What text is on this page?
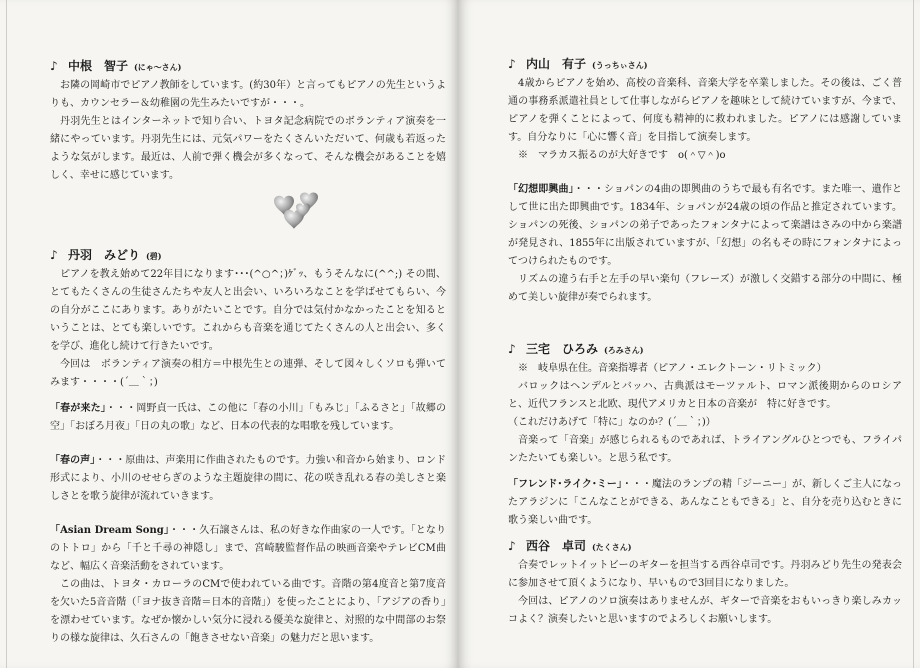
♪ 中根　智子 (にゃ～さん)

お隣の岡崎市でピアノ教師をしています。(約30年）と言ってもピアノの先生というよりも、カウンセラー＆幼稚園の先生みたいですが・・・。

丹羽先生とはインターネットで知り合い、トヨタ記念病院でのボランティア演奏を一緒にやっています。丹羽先生には、元気パワーをたくさんいただいて、何歳も若返ったような気がします。最近は、人前で弾く機会が多くなって、そんな機会があることを嬉しく、幸せに感じています。

♪ 丹羽　みどり (碧)

ピアノを教え始めて22年目になります･･･(^○^；)ｹﾞｯ、もうそんなに(^^;) その間、とてもたくさんの生徒さんたちや友人と出会い、いろいろなことを学ばせてもらい、今の自分がここにあります。ありがたいことです。自分では気付かなかったことを知るということは、とても楽しいです。これからも音楽を通じてたくさんの人と出会い、多くを学び、進化し続けて行きたいです。

今回は　ボランティア演奏の相方＝中根先生との連弾、そして図々しくソロも弾いてみます・・・・(´＿｀；)

「春が来た」・・・岡野貞一氏は、この他に「春の小川」「もみじ」「ふるさと」「故郷の空」「おぼろ月夜」「日の丸の歌」など、日本の代表的な唱歌を残しています。

「春の声」・・・原曲は、声楽用に作曲されたものです。力強い和音から始まり、ロンド形式により、小川のせせらぎのような主題旋律の間に、花の咲き乱れる春の美しさと楽しさとを歌う旋律が流れていきます。

「Asian Dream Song」・・・久石譲さんは、私の好きな作曲家の一人です。「となりのトトロ」から「千と千尋の神隠し」まで、宮崎駿監督作品の映画音楽やテレビCM曲など、幅広く音楽活動をされています。

この曲は、トヨタ・カローラのCMで使われている曲です。音階の第4度音と第7度音を欠いた5音音階（｢ヨナ抜き音階＝日本的音階｣）を使ったことにより、「アジアの香り」を漂わせています。なぜか懐かしい気分に浸れる優美な旋律と、対照的な中間部のお祭りの様な旋律は、久石さんの「飽きさせない音楽」の魅力だと思います。

♪ 内山　有子 (うっちぃさん)

4歳からピアノを始め、高校の音楽科、音楽大学を卒業しました。その後は、ごく普通の事務系派遣社員として仕事しながらピアノを趣味として続けていますが、今まで、ピアノを弾くことによって、何度も精神的に救われました。ピアノには感謝しています。自分なりに「心に響く音」を目指して演奏します。

※　マラカス振るのが大好きです　o(＾▽＾)o

「幻想即興曲」・・・ショパンの4曲の即興曲のうちで最も有名です。また唯一、遺作として世に出た即興曲です。1834年、ショパンが24歳の頃の作品と推定されています。ショパンの死後、ショパンの弟子であったフォンタナによって楽譜はさみの中から楽譜が発見され、1855年に出版されていますが、「幻想」の名もその時にフォンタナによってつけられたものです。

リズムの違う右手と左手の早い楽句（フレーズ）が激しく交錯する部分の中間に、極めて美しい旋律が奏でられます。

♪ 三宅　ひろみ (ろみさん)

※　岐阜県在住。音楽指導者（ピアノ・エレクトーン・リトミック）

バロックはヘンデルとバッハ、古典派はモーツァルト、ロマン派後期からのロシアと、近代フランスと北欧、現代アメリカと日本の音楽が　特に好きです。

（これだけあげて「特に」なのか？(´＿｀；)）

音楽って「音楽」が感じられるものであれば、トライアングルひとつでも、フライパンたたいても楽しい。と思う私です。

「フレンド･ライク･ミー」・・・魔法のランプの精「ジーニー」が、新しくご主人になったアラジンに「こんなことができる、あんなこともできる」と、自分を売り込むときに歌う楽しい曲です。

♪ 西谷　卓司 (たくさん)

合奏でレットイットビーのギターを担当する西谷卓司です。丹羽みどり先生の発表会に参加させて頂くようになり、早いもので3回目になりました。

今回は、ピアノのソロ演奏はありませんが、ギターで音楽をおもいっきり楽しみカッコよく？演奏したいと思いますのでよろしくお願いします。
